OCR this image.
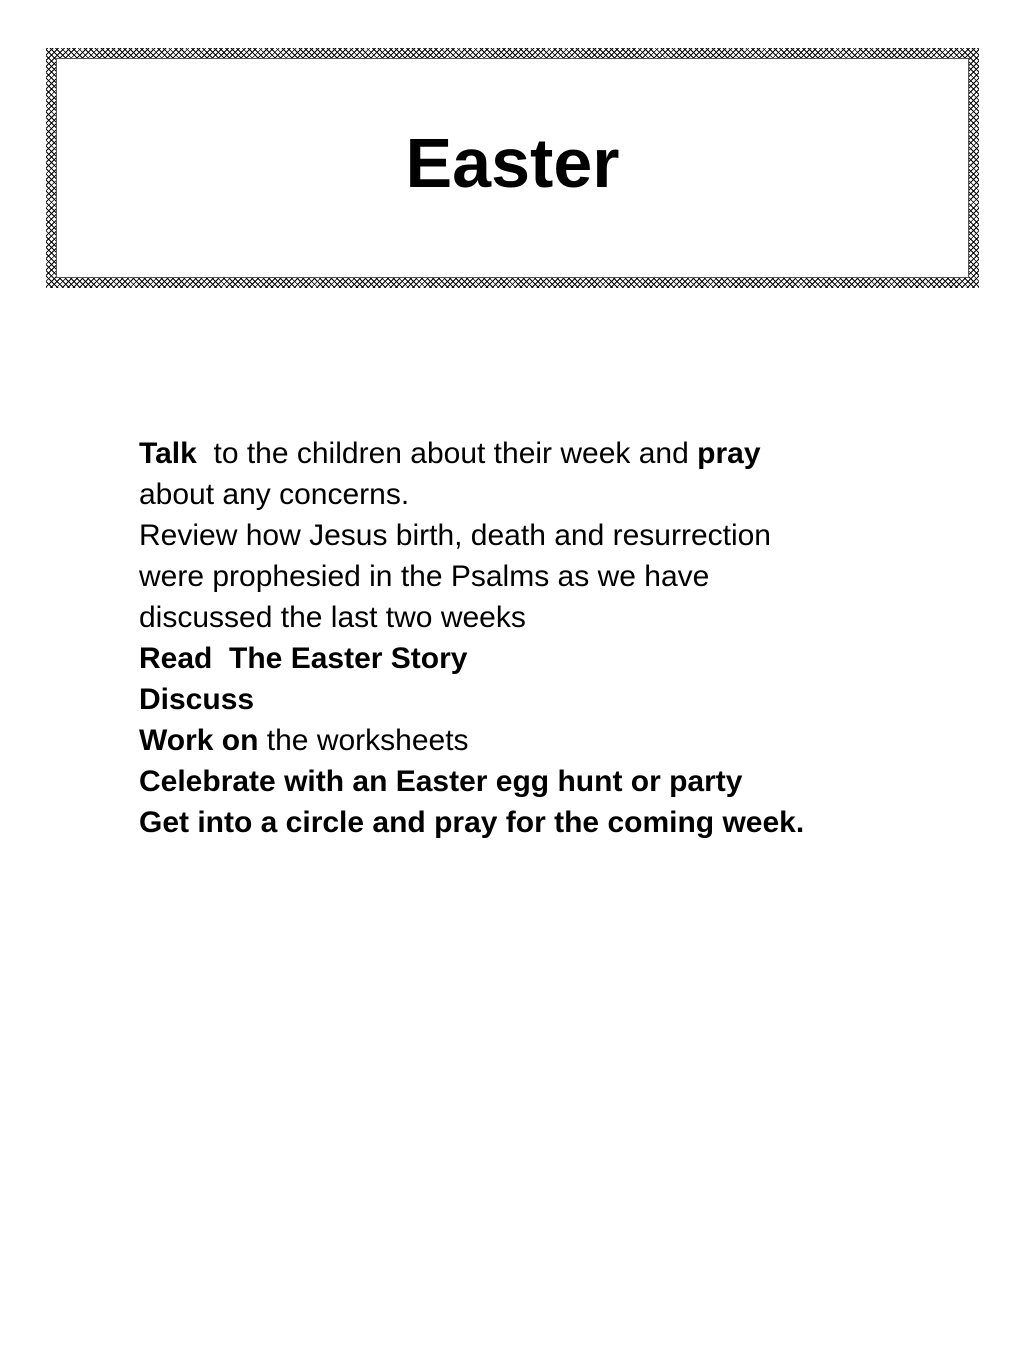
Easter
Talk  to the children about their week and pray
about any concerns.
Review how Jesus birth, death and resurrection
were prophesied in the Psalms as we have
discussed the last two weeks
Read  The Easter Story
Discuss
Work on the worksheets
Celebrate with an Easter egg hunt or party
Get into a circle and pray for the coming week.
